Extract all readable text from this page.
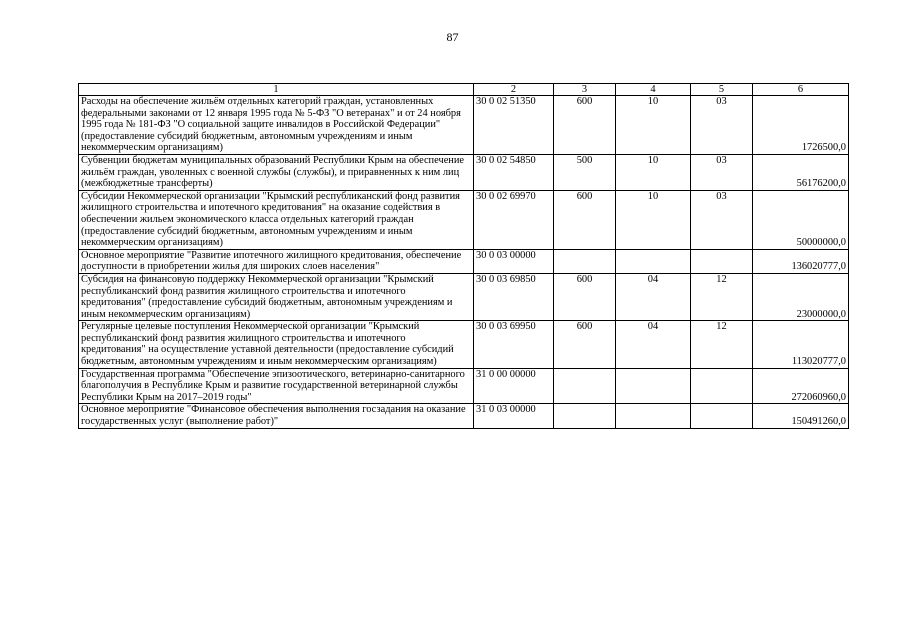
87
1	2	3	4	5	6
Расходы на обеспечение жильём отдельных категорий граждан, установленных федеральными законами от 12 января 1995 года № 5-ФЗ "О ветеранах" и от 24 ноября 1995 года № 181-ФЗ "О социальной защите инвалидов в Российской Федерации" (предоставление субсидий бюджетным, автономным учреждениям и иным некоммерческим организациям)	30 0 02 51350	600	10	03	1726500,0
Субвенции бюджетам муниципальных образований Республики Крым на обеспечение жильём граждан, уволенных с военной службы (службы), и приравненных к ним лиц (межбюджетные трансферты)	30 0 02 54850	500	10	03	56176200,0
Субсидии Некоммерческой организации "Крымский республиканский фонд развития жилищного строительства и ипотечного кредитования" на оказание содействия в обеспечении жильем экономического класса отдельных категорий граждан (предоставление субсидий бюджетным, автономным учреждениям и иным некоммерческим организациям)	30 0 02 69970	600	10	03	50000000,0
Основное мероприятие "Развитие ипотечного жилищного кредитования, обеспечение доступности в приобретении жилья для широких слоев населения"	30 0 03 00000				136020777,0
Субсидия на финансовую поддержку Некоммерческой организации "Крымский республиканский фонд развития жилищного строительства и ипотечного кредитования" (предоставление субсидий бюджетным, автономным учреждениям и иным некоммерческим организациям)	30 0 03 69850	600	04	12	23000000,0
Регулярные целевые поступления Некоммерческой организации "Крымский республиканский фонд развития жилищного строительства и ипотечного кредитования" на осуществление уставной деятельности (предоставление субсидий бюджетным, автономным учреждениям и иным некоммерческим организациям)	30 0 03 69950	600	04	12	113020777,0
Государственная программа "Обеспечение эпизоотического, ветеринарно-санитарного благополучия в Республике Крым и развитие государственной ветеринарной службы Республики Крым на 2017–2019 годы"	31 0 00 00000				272060960,0
Основное мероприятие "Финансовое обеспечения выполнения госзадания на оказание государственных услуг (выполнение работ)"	31 0 03 00000				150491260,0
